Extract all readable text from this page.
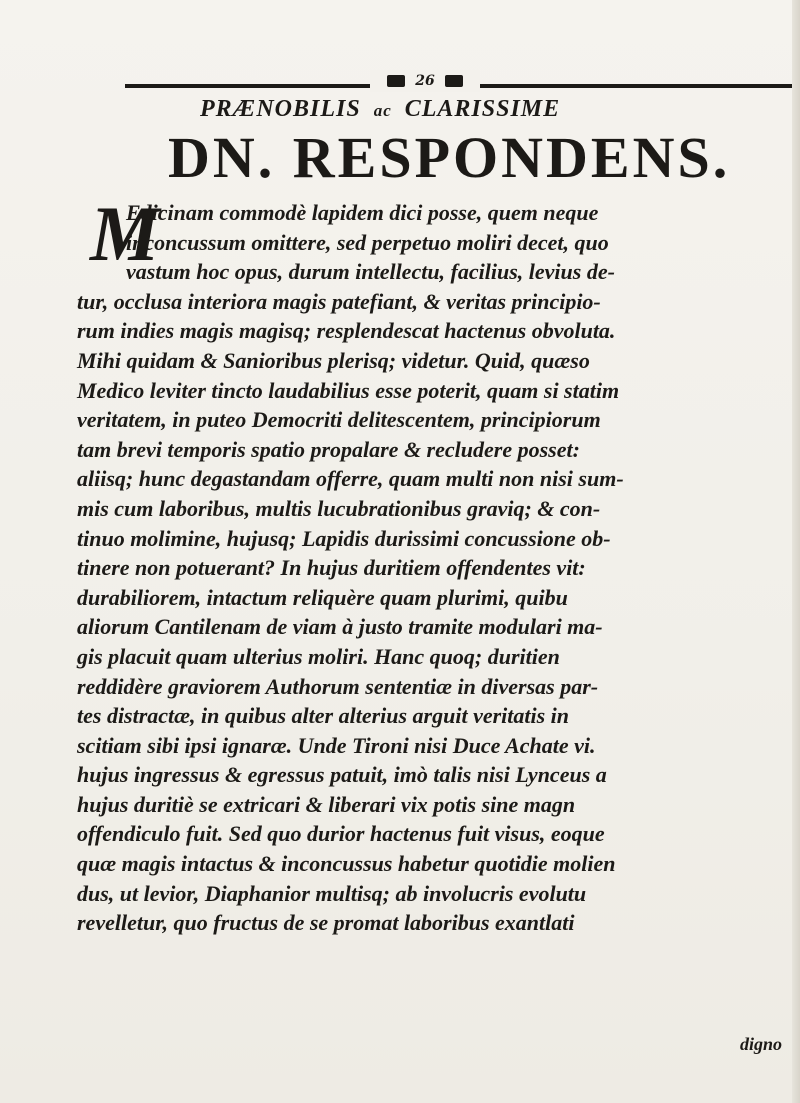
26
PRÆNOBILIS ac CLARISSIME
DN. RESPONDENS.
M
Edicinam commodè lapidem dici posse, quem neque
inconcussum omittere, sed perpetuo moliri decet, quo
vastum hoc opus, durum intellectu, facilius, levius de-
tur, occlusa interiora magis patefiant, & veritas principio-
rum indies magis magisq; resplendescat hactenus obvoluta.
Mihi quidam & Sanioribus plerisq; videtur. Quid, quæso
Medico leviter tincto laudabilius esse poterit, quam si statim
veritatem, in puteo Democriti delitescentem, principiorum
tam brevi temporis spatio propalare & recludere posset:
aliisq; hunc degastandam offerre, quam multi non nisi sum-
mis cum laboribus, multis lucubrationibus graviq; & con-
tinuo molimine, hujusq; Lapidis durissimi concussione ob-
tinere non potuerant? In hujus duritiem offendentes vit:
durabiliorem, intactum reliquère quam plurimi, quibu
aliorum Cantilenam de viam à justo tramite modulari ma-
gis placuit quam ulterius moliri. Hanc quoq; duritien
reddidère graviorem Authorum sententiæ in diversas par-
tes distractæ, in quibus alter alterius arguit veritatis in
scitiam sibi ipsi ignaræ. Unde Tironi nisi Duce Achate vi.
hujus ingressus & egressus patuit, imò talis nisi Lynceus a
hujus duritiè se extricari & liberari vix potis sine magn
offendiculo fuit. Sed quo durior hactenus fuit visus, eoque
quæ magis intactus & inconcussus habetur quotidie molien
dus, ut levior, Diaphanior multisq; ab involucris evolutu
revelletur, quo fructus de se promat laboribus exantlati
digno
